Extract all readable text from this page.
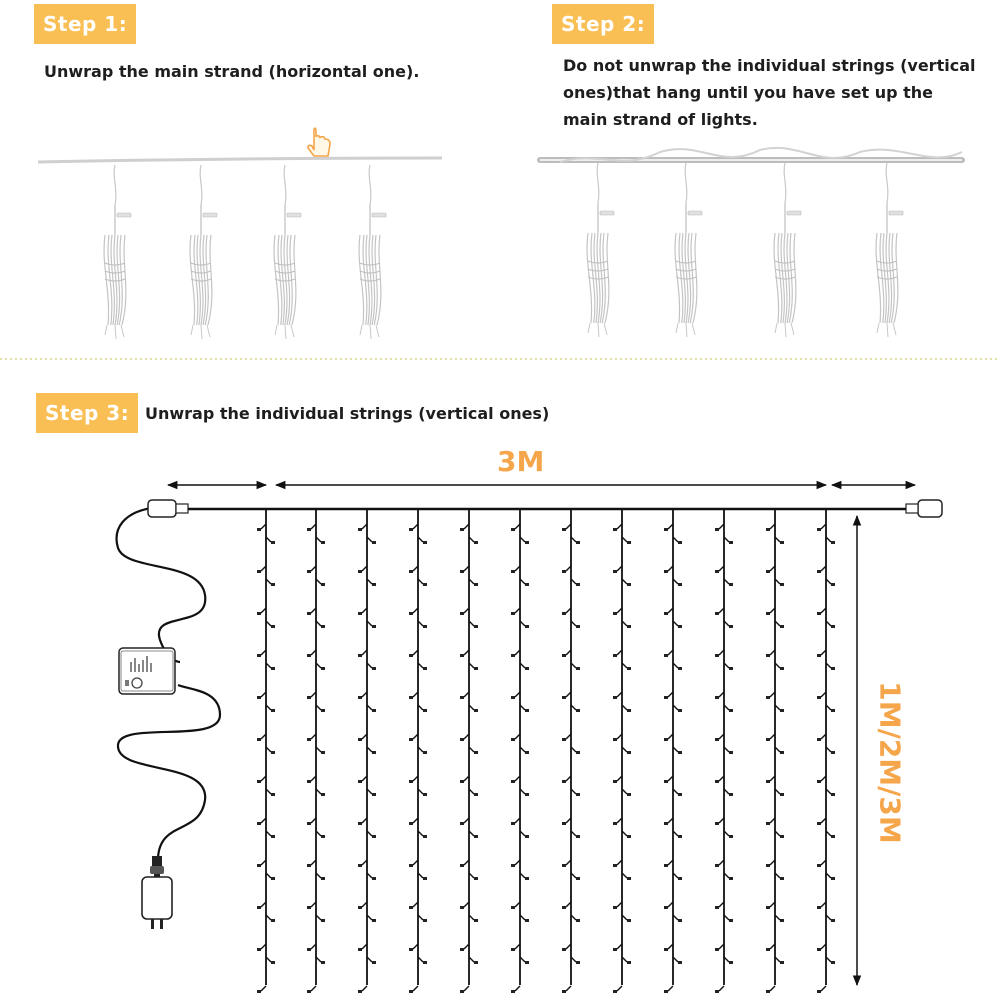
Step 1:
Unwrap the main strand (horizontal one).
Step 2:
Do not unwrap the individual strings (vertical ones)that hang until you have set up the main strand of lights.
Step 3: Unwrap the individual strings (vertical ones)
3M
1M/2M/3M
